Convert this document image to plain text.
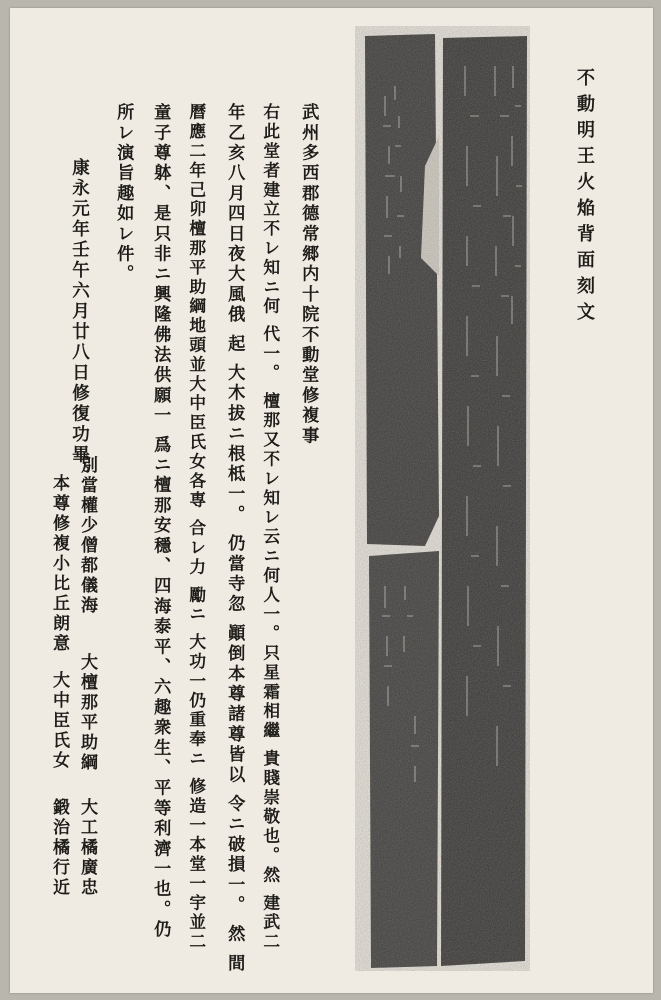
不動明王火焔背面刻文
武州多西郡德常郷内十院不動堂修複事
右此堂者建立不レ知ニ何 代一。 檀那又不レ知レ云ニ何人一。只星霜相繼 貴賤崇敬也。然 建武二
年乙亥八月四日夜大風俄 起 大木拔ニ根柢一。 仍當寺忽 顚倒本尊諸尊皆以 令ニ破損一。 然 間
曆應二年己卯檀那平助綱地頭並大中臣氏女各専 合レ力 勵ニ 大功一仍重奉ニ 修造一本堂一宇並二
童子尊躰、是只非ニ興隆佛法供願一 爲ニ檀那安穩、四海泰平、六趣衆生、平等利濟一也。仍
所レ演旨趣如レ件。
康永元年壬午六月廿八日修復功畢。
別當權少僧都儀海
本尊修複小比丘朗意
大檀那平助綱
大中臣氏女
大工橘廣忠
鍛治橘行近
